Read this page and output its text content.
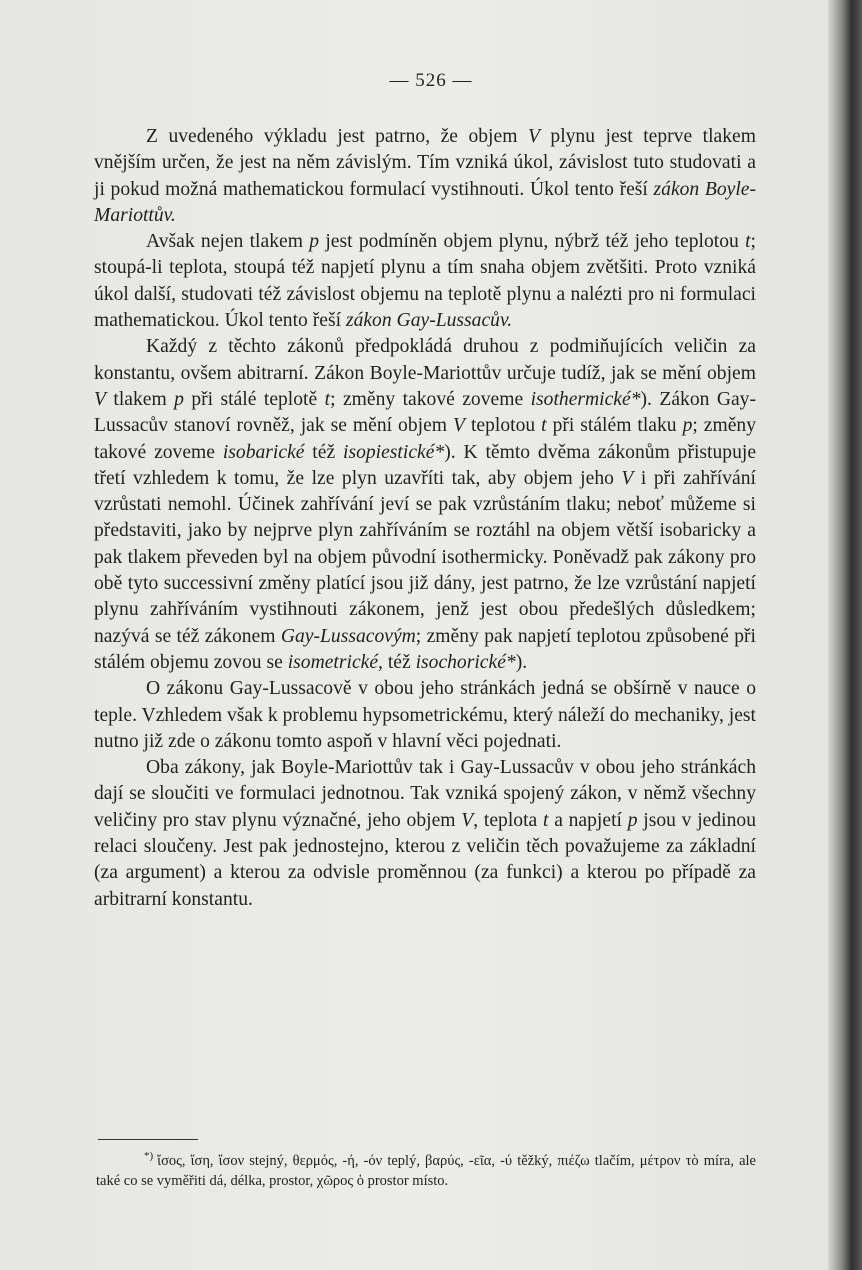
— 526 —

Z uvedeného výkladu jest patrno, že objem V plynu jest teprve tlakem vnějším určen, že jest na něm závislým. Tím vzniká úkol, závislost tuto studovati a ji pokud možná mathematickou formulací vystihnouti. Úkol tento řeší zákon Boyle-Mariottův.

Avšak nejen tlakem p jest podmíněn objem plynu, nýbrž též jeho teplotou t; stoupá-li teplota, stoupá též napjetí plynu a tím snaha objem zvětšiti. Proto vzniká úkol další, studovati též závislost objemu na teplotě plynu a nalézti pro ni formulaci mathematickou. Úkol tento řeší zákon Gay-Lussacův.

Každý z těchto zákonů předpokládá druhou z podmiňujících veličin za konstantu, ovšem abitrarní. Zákon Boyle-Mariottův určuje tudíž, jak se mění objem V tlakem p při stálé teplotě t; změny takové zoveme isothermické*). Zákon Gay-Lussacův stanoví rovněž, jak se mění objem V teplotou t při stálém tlaku p; změny takové zoveme isobarické též isopiestické*). K těmto dvěma zákonům přistupuje třetí vzhledem k tomu, že lze plyn uzavříti tak, aby objem jeho V i při zahřívání vzrůstati nemohl. Účinek zahřívání jeví se pak vzrůstáním tlaku; neboť můžeme si představiti, jako by nejprve plyn zahříváním se roztáhl na objem větší isobaricky a pak tlakem převeden byl na objem původní isothermicky. Poněvadž pak zákony pro obě tyto successivní změny platící jsou již dány, jest patrno, že lze vzrůstání napjetí plynu zahříváním vystihnouti zákonem, jenž jest obou předešlých důsledkem; nazývá se též zákonem Gay-Lussacovým; změny pak napjetí teplotou způsobené při stálém objemu zovou se isometrické, též isochorické*).

O zákonu Gay-Lussacově v obou jeho stránkách jedná se obšírně v nauce o teple. Vzhledem však k problemu hypsometrickému, který náleží do mechaniky, jest nutno již zde o zákonu tomto aspoň v hlavní věci pojednati.

Oba zákony, jak Boyle-Mariottův tak i Gay-Lussacův v obou jeho stránkách dají se sloučiti ve formulaci jednotnou. Tak vzniká spojený zákon, v němž všechny veličiny pro stav plynu význačné, jeho objem V, teplota t a napjetí p jsou v jedinou relaci sloučeny. Jest pak jednostejno, kterou z veličin těch považujeme za základní (za argument) a kterou za odvisle proměnnou (za funkci) a kterou po případě za arbitrarní konstantu.

*) ἴσος, ἴση, ἴσον stejný, θερμός, -ή, -όν teplý, βαρύς, -εῖα, -ύ těžký, πιέζω tlačím, μέτρον τὸ míra, ale také co se vyměřiti dá, délka, prostor, χῶρος ὁ prostor místo.
